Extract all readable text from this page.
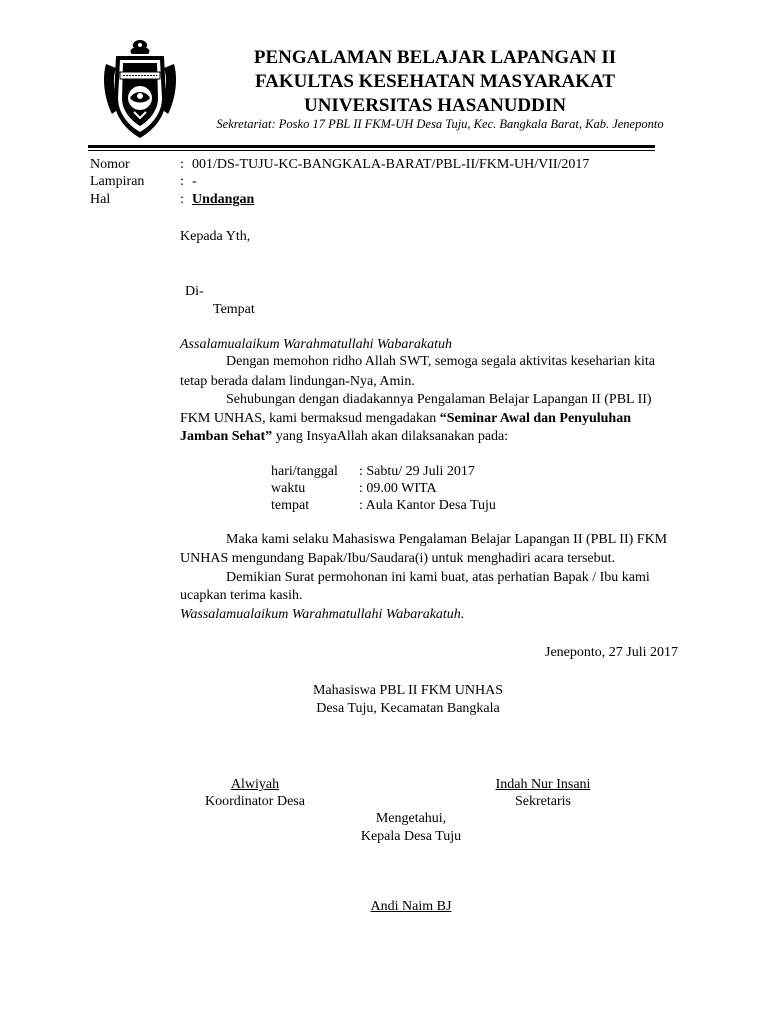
PENGALAMAN BELAJAR LAPANGAN II
FAKULTAS KESEHATAN MASYARAKAT
UNIVERSITAS HASANUDDIN
Sekretariat: Posko 17 PBL II FKM-UH Desa Tuju, Kec. Bangkala Barat, Kab. Jeneponto
Nomor	: 001/DS-TUJU-KC-BANGKALA-BARAT/PBL-II/FKM-UH/VII/2017
Lampiran	: -
Hal	: Undangan
Kepada Yth,
Di-
Tempat
Assalamualaikum Warahmatullahi Wabarakatuh
Dengan memohon ridho Allah SWT, semoga segala aktivitas keseharian kita
tetap berada dalam lindungan-Nya, Amin.
Sehubungan dengan diadakannya Pengalaman Belajar Lapangan II (PBL II)
FKM UNHAS, kami bermaksud mengadakan “Seminar Awal dan Penyuluhan
Jamban Sehat” yang InsyaAllah akan dilaksanakan pada:
hari/tanggal : Sabtu/ 29 Juli 2017
waktu	: 09.00 WITA
tempat	: Aula Kantor Desa Tuju
Maka kami selaku Mahasiswa Pengalaman Belajar Lapangan II (PBL II) FKM
UNHAS mengundang Bapak/Ibu/Saudara(i) untuk menghadiri acara tersebut.
Demikian Surat permohonan ini kami buat, atas perhatian Bapak / Ibu kami
ucapkan terima kasih.
Wassalamualaikum Warahmatullahi Wabarakatuh.
Jeneponto, 27 Juli 2017
Mahasiswa PBL II FKM UNHAS
Desa Tuju, Kecamatan Bangkala
Alwiyah
Koordinator Desa
Indah Nur Insani
Sekretaris
Mengetahui,
Kepala Desa Tuju
Andi Naim BJ
